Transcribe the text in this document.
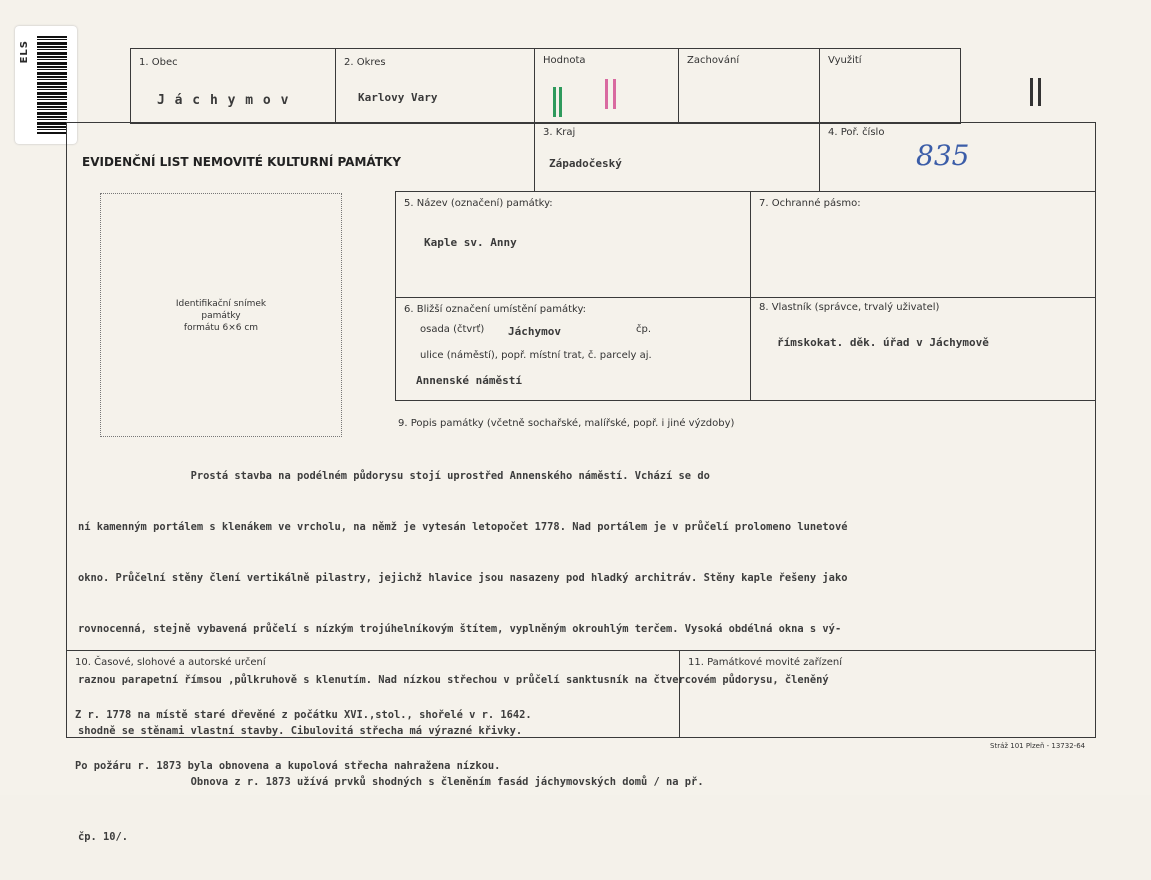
ELS	1. Obec
J á c h y m o v
2. Okres
Karlovy Vary
Hodnota	Zachování	Využití
EVIDENČNÍ LIST NEMOVITÉ KULTURNÍ PAMÁTKY
3. Kraj
Západočeský
4. Poř. číslo
835
Identifikační snímek
památky
formátu 6×6 cm
5. Název (označení) památky:
Kaple sv. Anny
7. Ochranné pásmo:
6. Bližší označení umístění památky:
osada (čtvrť) Jáchymov	čp.
ulice (náměstí), popř. místní trat, č. parcely aj.
Annenské náměstí
8. Vlastník (správce, trvalý uživatel)
římskokat. děk. úřad v Jáchymově
9. Popis památky (včetně sochařské, malířské, popř. i jiné výzdoby)

Prostá stavba na podélném půdorysu stojí uprostřed Annenského náměstí. Vchází se do

ní kamenným portálem s klenákem ve vrcholu, na němž je vytesán letopočet 1778. Nad portálem je v průčelí prolomeno lunetové

okno. Průčelní stěny člení vertikálně pilastry, jejichž hlavice jsou nasazeny pod hladký architráv. Stěny kaple řešeny jako

rovnocenná, stejně vybavená průčelí s nízkým trojúhelníkovým štítem, vyplněným okrouhlým terčem. Vysoká obdélná okna s vý-

raznou parapetní římsou ,půlkruhově s klenutím. Nad nízkou střechou v průčelí sanktusník na čtvercovém půdorysu, členěný

shodně se stěnami vlastní stavby. Cibulovitá střecha má výrazné křivky.

Obnova z r. 1873 užívá prvků shodných s členěním fasád jáchymovských domů / na př.

čp. 10/.

10. Časové, slohové a autorské určení

Z r. 1778 na místě staré dřevěné z počátku XVI.,stol., shořelé v r. 1642.

Po požáru r. 1873 byla obnovena a kupolová střecha nahražena nízkou.

11. Památkové movité zařízení
Stráž 101 Plzeň - 13732-64
